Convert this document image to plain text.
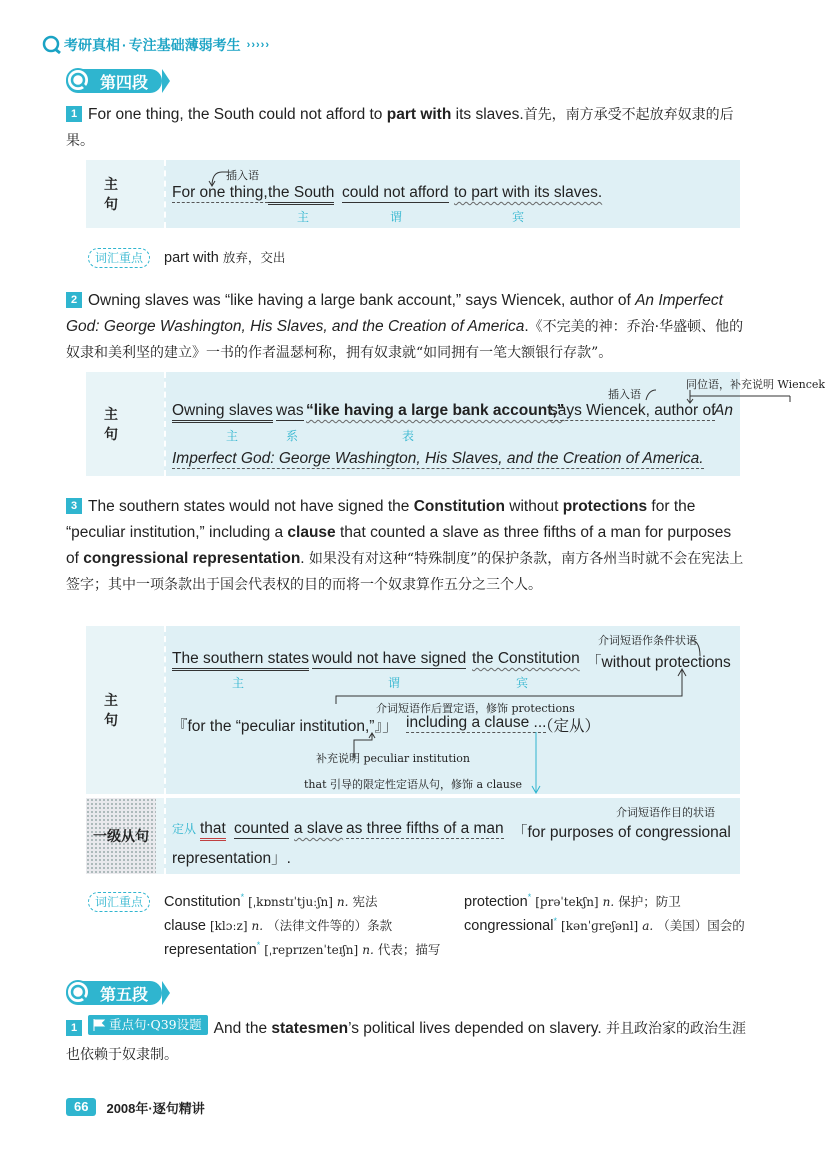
考研真相 · 专注基础薄弱考生 ›››››
第四段
1 For one thing, the South could not afford to part with its slaves.首先，南方承受不起放弃奴隶的后果。
主 句
插入语
For one thing, the South could not afford to part with its slaves.
主	谓	宾
词汇重点	part with 放弃，交出
2 Owning slaves was “like having a large bank account,” says Wiencek, author of An Imperfect God: George Washington, His Slaves, and the Creation of America.《不完美的神：乔治·华盛顿、他的奴隶和美利坚的建立》一书的作者温瑟柯称，拥有奴隶就“如同拥有一笔大额银行存款”。
主 句
同位语，补充说明 Wiencek
插入语
Owning slaves was “like having a large bank account,”
says Wiencek, author of
An
主	系	表
Imperfect God: George Washington, His Slaves, and the Creation of America.
3 The southern states would not have signed the Constitution without protections for the “peculiar institution,” including a clause that counted a slave as three fifths of a man for purposes of congressional representation. 如果没有对这种“特殊制度”的保护条款，南方各州当时就不会在宪法上签字；其中一项条款出于国会代表权的目的而将一个奴隶算作五分之三个人。
主 句
介词短语作条件状语
The southern states would not have signed the Constitution 「without protections
主	谓	宾
介词短语作后置定语，修饰 protections
『for the “peculiar institution,”』」 including a clause ...
（定从）
补充说明 peculiar institution
that 引导的限定性定语从句，修饰 a clause
一级从句
介词短语作目的状语
定从 that counted a slave as three fifths of a man 「for purposes of congressional
representation」.
词汇重点	Constitution* [ˌkɒnstɪˈtjuːʃn] n. 宪法
clause [klɔːz] n. （法律文件等的）条款
representation* [ˌreprɪzenˈteɪʃn] n. 代表；描写
protection* [prəˈtekʃn] n. 保护；防卫
congressional* [kənˈɡreʃənl] a. （美国）国会的
第五段
1	重点句·Q39设题 And the statesmen’s political lives depended on slavery. 并且政治家的政治生涯也依赖于奴隶制。
66	2008年·逐句精讲
